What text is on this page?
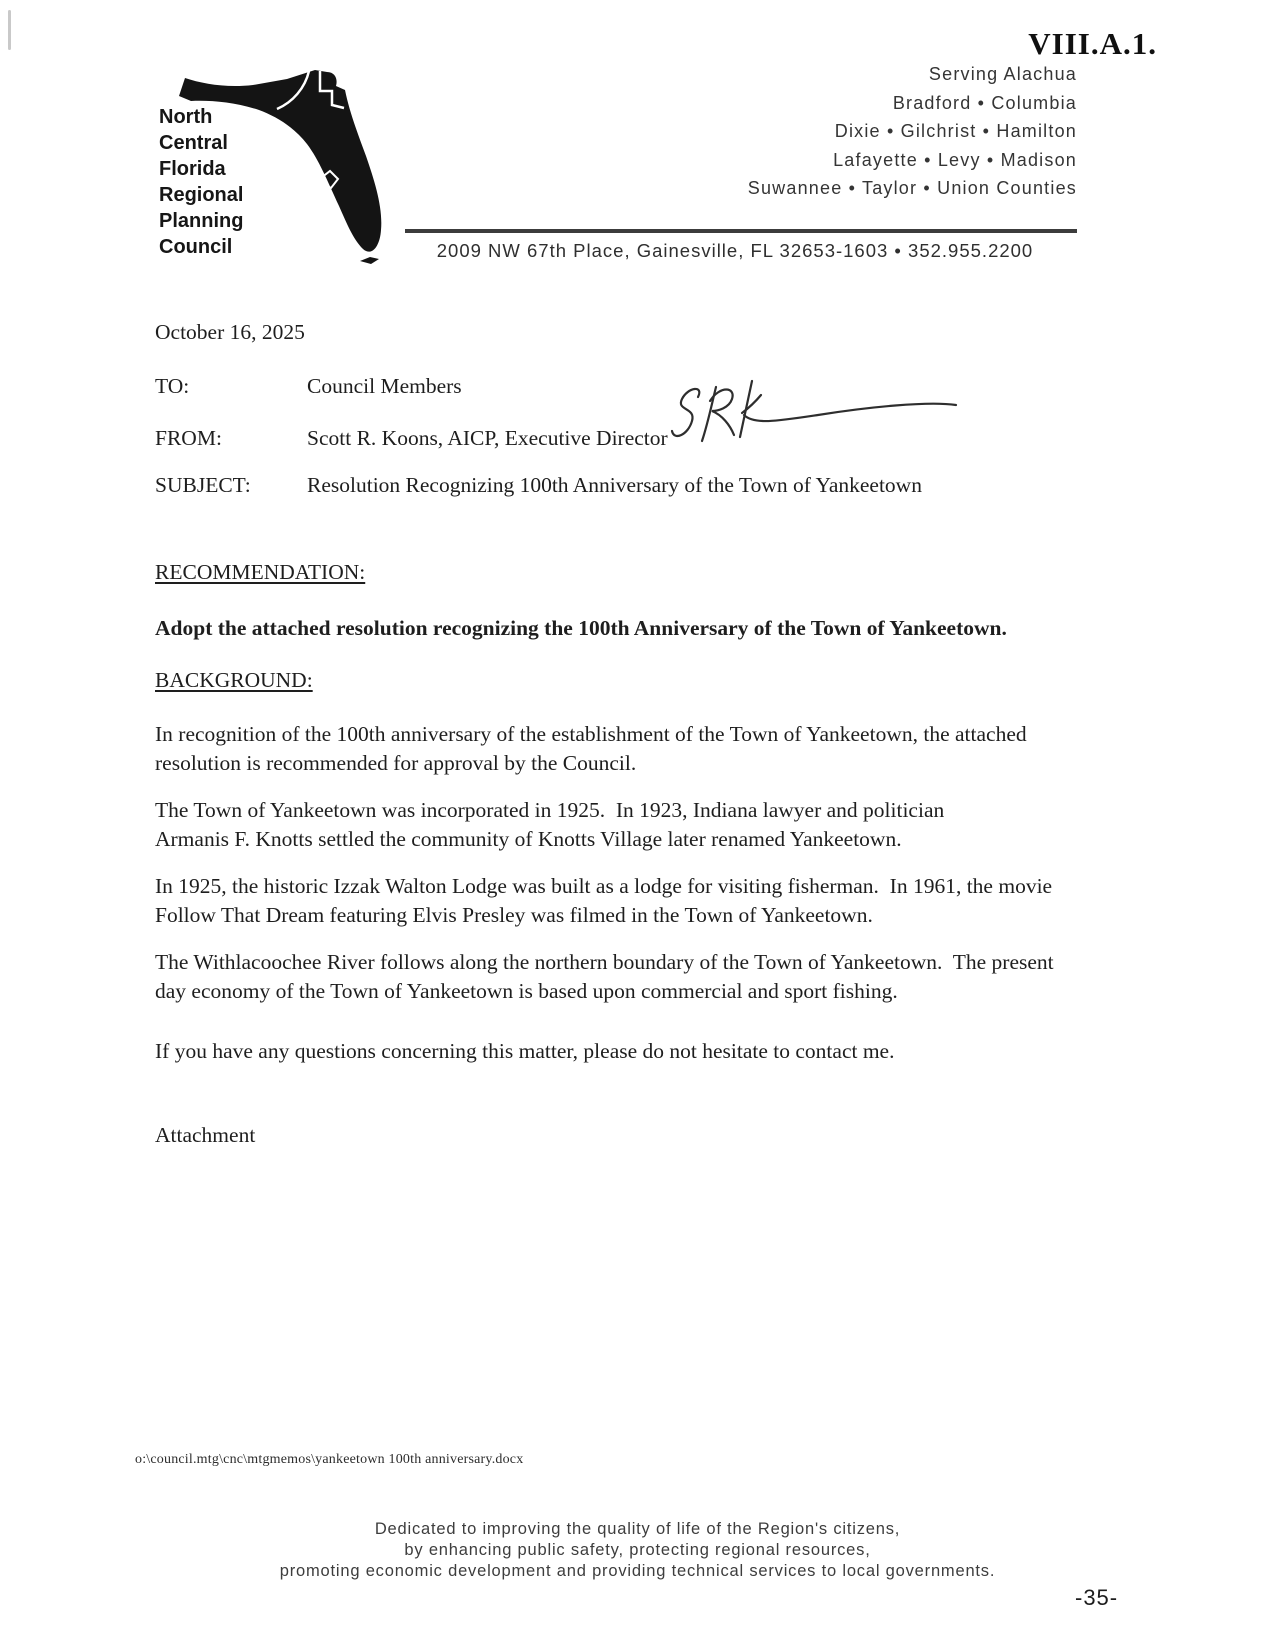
VIII.A.1.
North
Central
Florida
Regional
Planning
Council
Serving Alachua
Bradford • Columbia
Dixie • Gilchrist • Hamilton
Lafayette • Levy • Madison
Suwannee • Taylor • Union Counties
2009 NW 67th Place, Gainesville, FL 32653-1603 • 352.955.2200
October 16, 2025
TO:	Council Members
FROM:	Scott R. Koons, AICP, Executive Director
SUBJECT:	Resolution Recognizing 100th Anniversary of the Town of Yankeetown
RECOMMENDATION:
Adopt the attached resolution recognizing the 100th Anniversary of the Town of Yankeetown.
BACKGROUND:
In recognition of the 100th anniversary of the establishment of the Town of Yankeetown, the attached
resolution is recommended for approval by the Council.
The Town of Yankeetown was incorporated in 1925.  In 1923, Indiana lawyer and politician
Armanis F. Knotts settled the community of Knotts Village later renamed Yankeetown.
In 1925, the historic Izzak Walton Lodge was built as a lodge for visiting fisherman.  In 1961, the movie
Follow That Dream featuring Elvis Presley was filmed in the Town of Yankeetown.
The Withlacoochee River follows along the northern boundary of the Town of Yankeetown.  The present
day economy of the Town of Yankeetown is based upon commercial and sport fishing.
If you have any questions concerning this matter, please do not hesitate to contact me.
Attachment
o:\council.mtg\cnc\mtgmemos\yankeetown 100th anniversary.docx
Dedicated to improving the quality of life of the Region's citizens,
by enhancing public safety, protecting regional resources,
promoting economic development and providing technical services to local governments.
-35-
